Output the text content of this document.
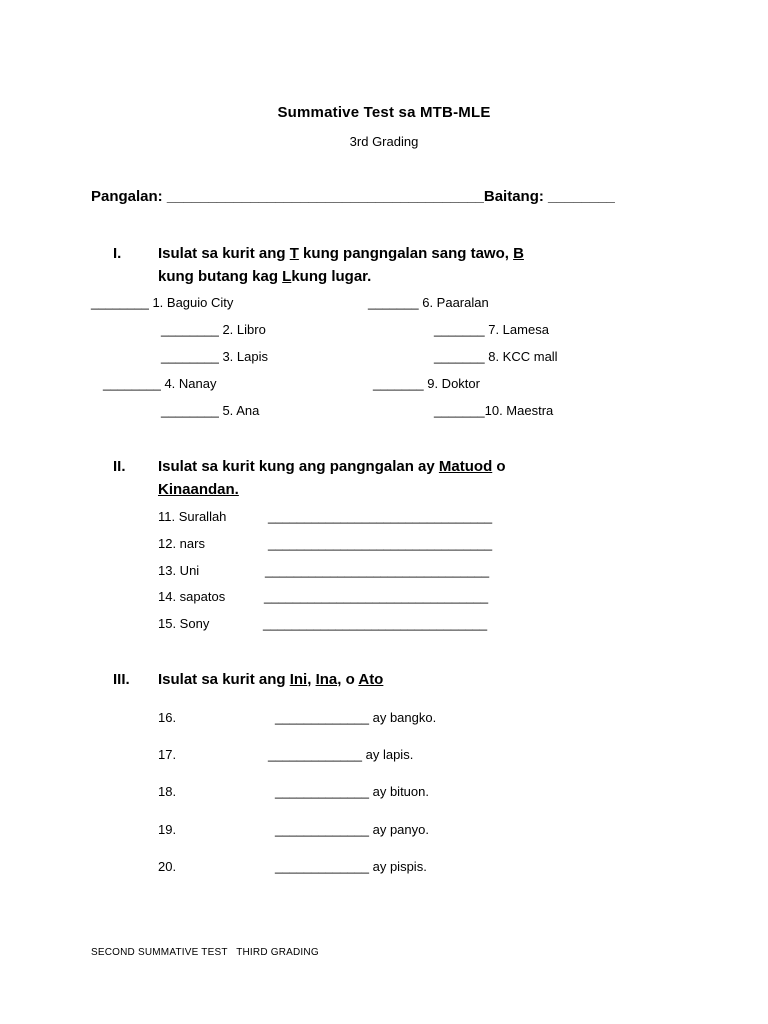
Summative Test sa MTB-MLE
3rd Grading
Pangalan: ______________________________________Baitang: ________
I. Isulat sa kurit ang T kung pangngalan sang tawo, B
kung butang kag Lkung lugar.
________ 1. Baguio City
________ 2. Libro
________ 3. Lapis
________ 4. Nanay
________ 5. Ana
_______ 6. Paaralan
_______ 7. Lamesa
_______ 8. KCC mall
_______ 9. Doktor
_______10. Maestra
II. Isulat sa kurit kung ang pangngalan ay Matuod o
Kinaandan.
11. Surallah	_______________________________
12. nars	_______________________________
13. Uni	_______________________________
14. sapatos	_______________________________
15. Sony	_______________________________
III. Isulat sa kurit ang Ini, Ina, o Ato
16.	_____________ ay bangko.
17.	_____________ ay lapis.
18.	_____________ ay bituon.
19.	_____________ ay panyo.
20.	_____________ ay pispis.
SECOND SUMMATIVE TEST   THIRD GRADING
